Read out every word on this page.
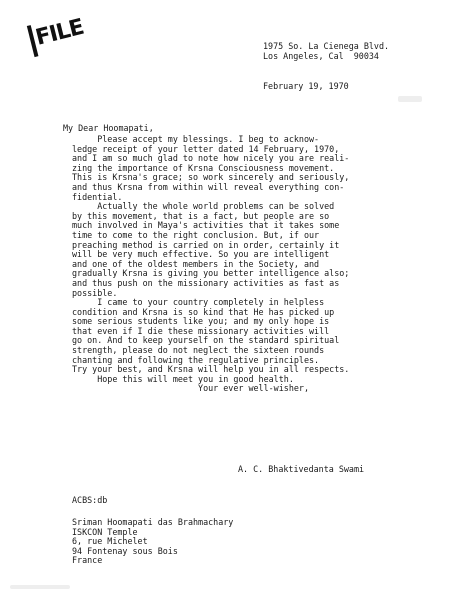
FILE	1975 So. La Cienega Blvd.
Los Angeles, Cal  90034
February 19, 1970
My Dear Hoomapati,
Please accept my blessings. I beg to acknow-
ledge receipt of your letter dated 14 February, 1970,
and I am so much glad to note how nicely you are reali-
zing the importance of Krsna Consciousness movement.
This is Krsna's grace; so work sincerely and seriously,
and thus Krsna from within will reveal everything con-
fidential.
Actually the whole world problems can be solved
by this movement, that is a fact, but people are so
much involved in Maya's activities that it takes some
time to come to the right conclusion. But, if our
preaching method is carried on in order, certainly it
will be very much effective. So you are intelligent
and one of the oldest members in the Society, and
gradually Krsna is giving you better intelligence also;
and thus push on the missionary activities as fast as
possible.
I came to your country completely in helpless
condition and Krsna is so kind that He has picked up
some serious students like you; and my only hope is
that even if I die these missionary activities will
go on. And to keep yourself on the standard spiritual
strength, please do not neglect the sixteen rounds
chanting and following the regulative principles.
Try your best, and Krsna will help you in all respects.
Hope this will meet you in good health.
Your ever well-wisher,
A. C. Bhaktivedanta Swami
ACBS:db
Sriman Hoomapati das Brahmachary
ISKCON Temple
6, rue Michelet
94 Fontenay sous Bois
France
